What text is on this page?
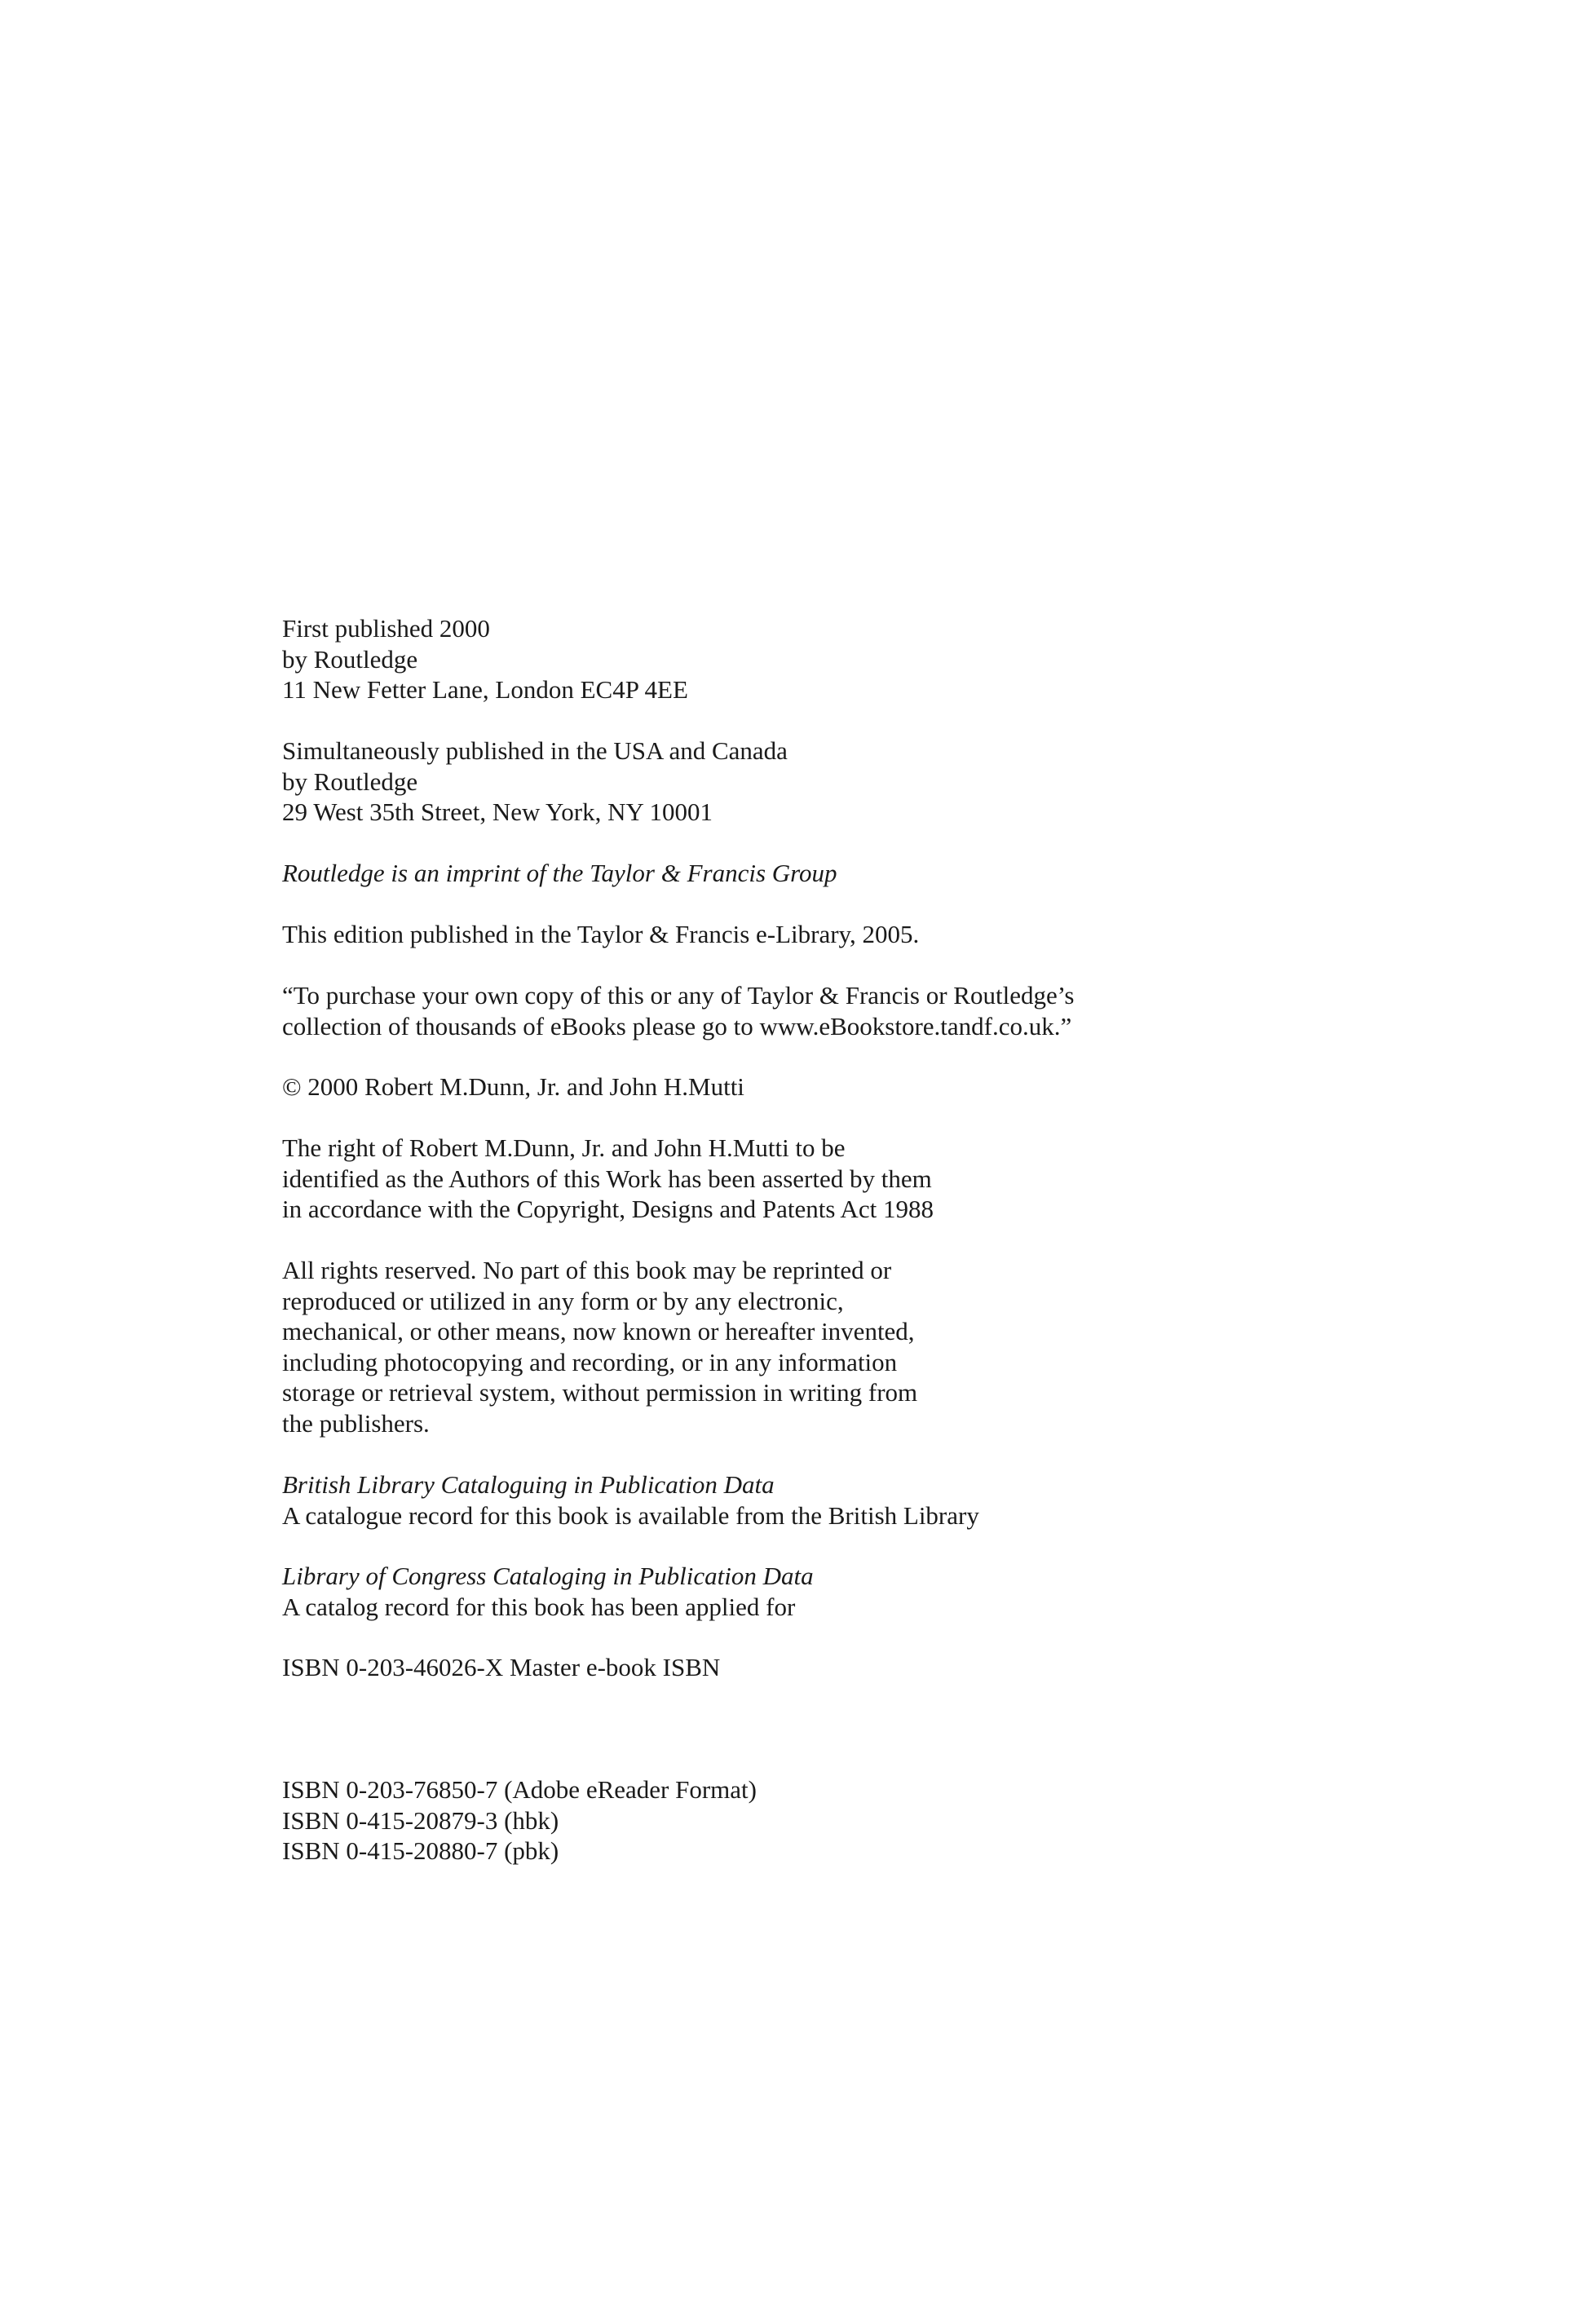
First published 2000
by Routledge
11 New Fetter Lane, London EC4P 4EE
Simultaneously published in the USA and Canada
by Routledge
29 West 35th Street, New York, NY 10001
Routledge is an imprint of the Taylor & Francis Group
This edition published in the Taylor & Francis e-Library, 2005.
“To purchase your own copy of this or any of Taylor & Francis or Routledge’s
collection of thousands of eBooks please go to www.eBookstore.tandf.co.uk.”
© 2000 Robert M.Dunn, Jr. and John H.Mutti
The right of Robert M.Dunn, Jr. and John H.Mutti to be
identified as the Authors of this Work has been asserted by them
in accordance with the Copyright, Designs and Patents Act 1988
All rights reserved. No part of this book may be reprinted or
reproduced or utilized in any form or by any electronic,
mechanical, or other means, now known or hereafter invented,
including photocopying and recording, or in any information
storage or retrieval system, without permission in writing from
the publishers.
British Library Cataloguing in Publication Data
A catalogue record for this book is available from the British Library
Library of Congress Cataloging in Publication Data
A catalog record for this book has been applied for
ISBN 0-203-46026-X Master e-book ISBN
ISBN 0-203-76850-7 (Adobe eReader Format)
ISBN 0-415-20879-3 (hbk)
ISBN 0-415-20880-7 (pbk)
